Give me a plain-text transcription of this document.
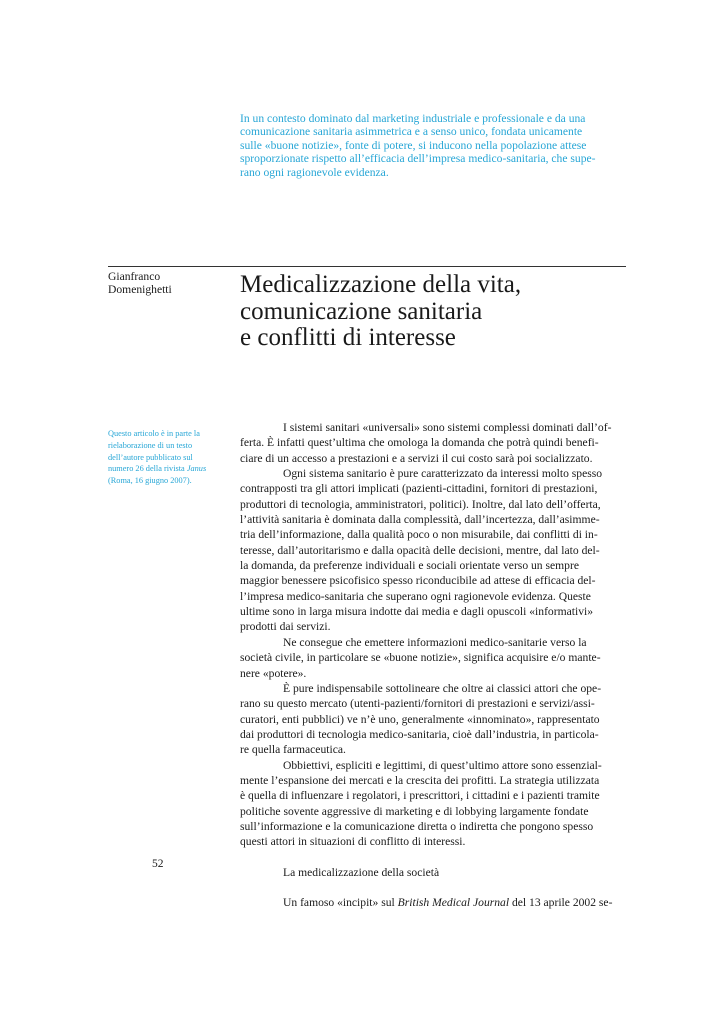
In un contesto dominato dal marketing industriale e professionale e da una
comunicazione sanitaria asimmetrica e a senso unico, fondata unicamente
sulle «buone notizie», fonte di potere, si inducono nella popolazione attese
sproporzionate rispetto all’efficacia dell’impresa medico-sanitaria, che supe-
rano ogni ragionevole evidenza.
Gianfranco
Domenighetti	Medicalizzazione della vita,
comunicazione sanitaria
e conflitti di interesse
Questo articolo è in parte la
rielaborazione di un testo
dell’autore pubblicato sul
numero 26 della rivista Janus
(Roma, 16 giugno 2007).
I sistemi sanitari «universali» sono sistemi complessi dominati dall’of-
ferta. È infatti quest’ultima che omologa la domanda che potrà quindi benefi-
ciare di un accesso a prestazioni e a servizi il cui costo sarà poi socializzato.
Ogni sistema sanitario è pure caratterizzato da interessi molto spesso
contrapposti tra gli attori implicati (pazienti-cittadini, fornitori di prestazioni,
produttori di tecnologia, amministratori, politici). Inoltre, dal lato dell’offerta,
l’attività sanitaria è dominata dalla complessità, dall’incertezza, dall’asimme-
tria dell’informazione, dalla qualità poco o non misurabile, dai conflitti di in-
teresse, dall’autoritarismo e dalla opacità delle decisioni, mentre, dal lato del-
la domanda, da preferenze individuali e sociali orientate verso un sempre
maggior benessere psicofisico spesso riconducibile ad attese di efficacia del-
l’impresa medico-sanitaria che superano ogni ragionevole evidenza. Queste
ultime sono in larga misura indotte dai media e dagli opuscoli «informativi»
prodotti dai servizi.
Ne consegue che emettere informazioni medico-sanitarie verso la
società civile, in particolare se «buone notizie», significa acquisire e/o mante-
nere «potere».
È pure indispensabile sottolineare che oltre ai classici attori che ope-
rano su questo mercato (utenti-pazienti/fornitori di prestazioni e servizi/assi-
curatori, enti pubblici) ve n’è uno, generalmente «innominato», rappresentato
dai produttori di tecnologia medico-sanitaria, cioè dall’industria, in particola-
re quella farmaceutica.
Obbiettivi, espliciti e legittimi, di quest’ultimo attore sono essenzial-
mente l’espansione dei mercati e la crescita dei profitti. La strategia utilizzata
è quella di influenzare i regolatori, i prescrittori, i cittadini e i pazienti tramite
politiche sovente aggressive di marketing e di lobbying largamente fondate
sull’informazione e la comunicazione diretta o indiretta che pongono spesso
questi attori in situazioni di conflitto di interessi.
La medicalizzazione della società
Un famoso «incipit» sul British Medical Journal del 13 aprile 2002 se-
52
